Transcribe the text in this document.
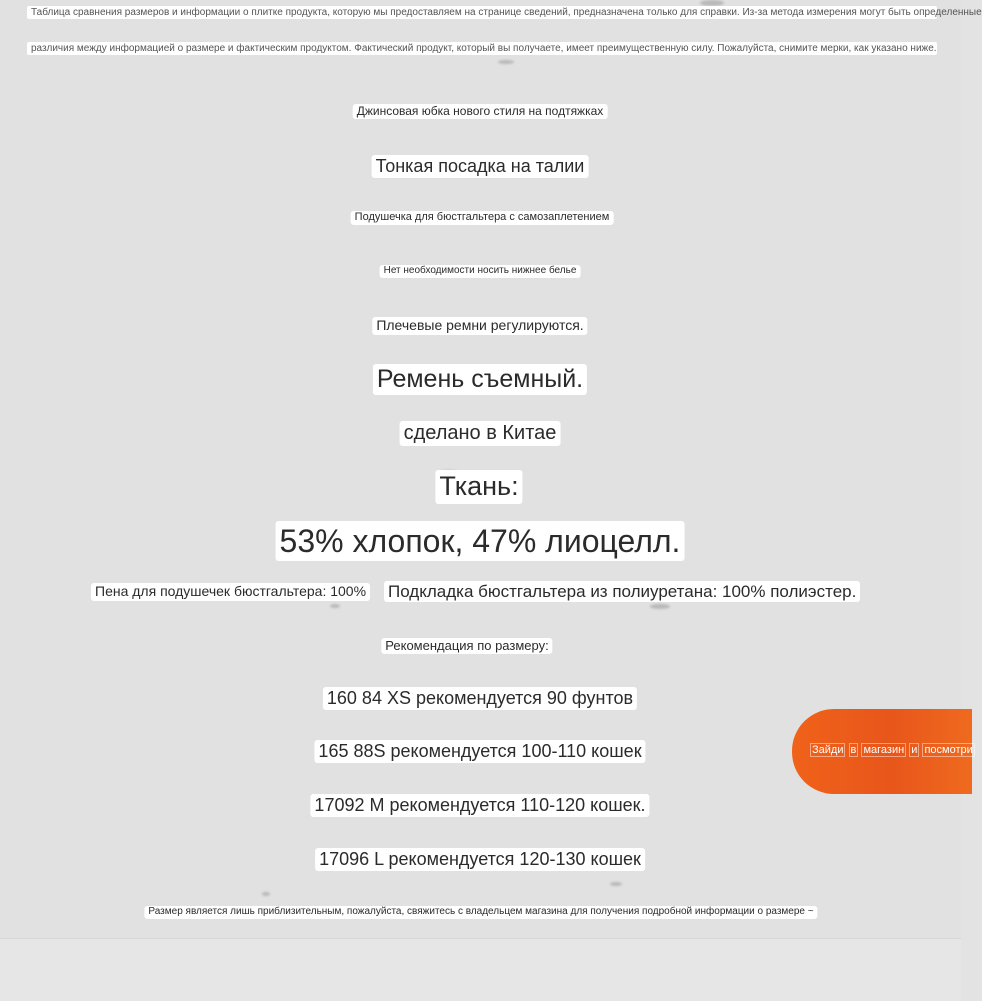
Таблица сравнения размеров и информации о плитке продукта, которую мы предоставляем на странице сведений, предназначена только для справки. Из-за метода измерения могут быть определенные
различия между информацией о размере и фактическим продуктом. Фактический продукт, который вы получаете, имеет преимущественную силу. Пожалуйста, снимите мерки, как указано ниже.
Джинсовая юбка нового стиля на подтяжках
Тонкая посадка на талии
Подушечка для бюстгальтера с самозаплетением
Нет необходимости носить нижнее белье
Плечевые ремни регулируются.
Ремень съемный.
сделано в Китае
Ткань:
53% хлопок, 47% лиоцелл.
Пена для подушечек бюстгальтера: 100% Подкладка бюстгальтера из полиуретана: 100% полиэстер.
Рекомендация по размеру:
160 84 XS рекомендуется 90 фунтов
165 88S рекомендуется 100-110 кошек
17092 M рекомендуется 110-120 кошек.
17096 L рекомендуется 120-130 кошек
Размер является лишь приблизительным, пожалуйста, свяжитесь с владельцем магазина для получения подробной информации о размере ~
Зайди в магазин и посмотри
